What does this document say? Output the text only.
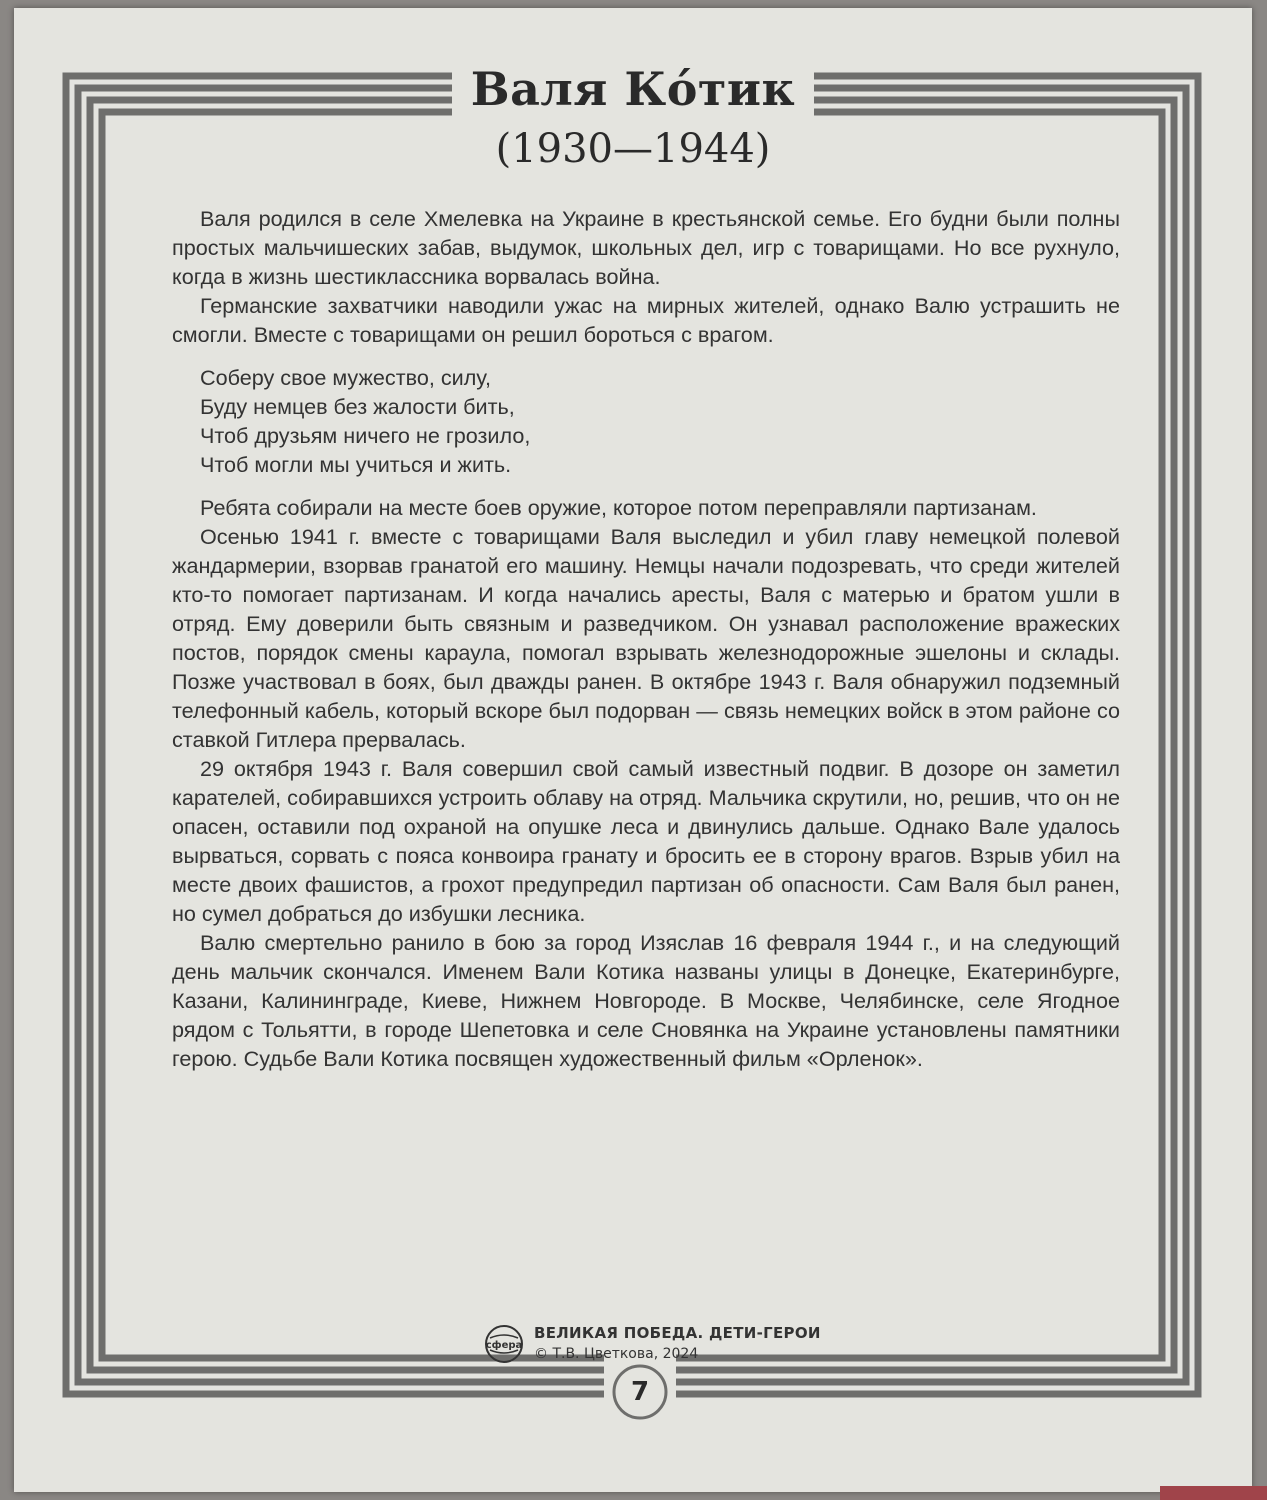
Валя Ко́тик
(1930—1944)

Валя родился в селе Хмелевка на Украине в крестьянской семье. Его будни были полны простых мальчишеских забав, выдумок, школьных дел, игр с товарищами. Но все рухнуло, когда в жизнь шестиклассника ворвалась война.

Германские захватчики наводили ужас на мирных жителей, однако Валю устрашить не смогли. Вместе с товарищами он решил бороться с врагом.

Соберу свое мужество, силу,
Буду немцев без жалости бить,
Чтоб друзьям ничего не грозило,
Чтоб могли мы учиться и жить.

Ребята собирали на месте боев оружие, которое потом переправляли партизанам.

Осенью 1941 г. вместе с товарищами Валя выследил и убил главу немецкой полевой жандармерии, взорвав гранатой его машину. Немцы начали подозревать, что среди жителей кто-то помогает партизанам. И когда начались аресты, Валя с матерью и братом ушли в отряд. Ему доверили быть связным и разведчиком. Он узнавал расположение вражеских постов, порядок смены караула, помогал взрывать железнодорожные эшелоны и склады. Позже участвовал в боях, был дважды ранен. В октябре 1943 г. Валя обнаружил подземный телефонный кабель, который вскоре был подорван — связь немецких войск в этом районе со ставкой Гитлера прервалась.

29 октября 1943 г. Валя совершил свой самый известный подвиг. В дозоре он заметил карателей, собиравшихся устроить облаву на отряд. Мальчика скрутили, но, решив, что он не опасен, оставили под охраной на опушке леса и двинулись дальше. Однако Вале удалось вырваться, сорвать с пояса конвоира гранату и бросить ее в сторону врагов. Взрыв убил на месте двоих фашистов, а грохот предупредил партизан об опасности. Сам Валя был ранен, но сумел добраться до избушки лесника.

Валю смертельно ранило в бою за город Изяслав 16 февраля 1944 г., и на следующий день мальчик скончался. Именем Вали Котика названы улицы в Донецке, Екатеринбурге, Казани, Калининграде, Киеве, Нижнем Новгороде. В Москве, Челябинске, селе Ягодное рядом с Тольятти, в городе Шепетовка и селе Сновянка на Украине установлены памятники герою. Судьбе Вали Котика посвящен художественный фильм «Орленок».

сфера
ВЕЛИКАЯ ПОБЕДА. ДЕТИ-ГЕРОИ
© Т.В. Цветкова, 2024
7
